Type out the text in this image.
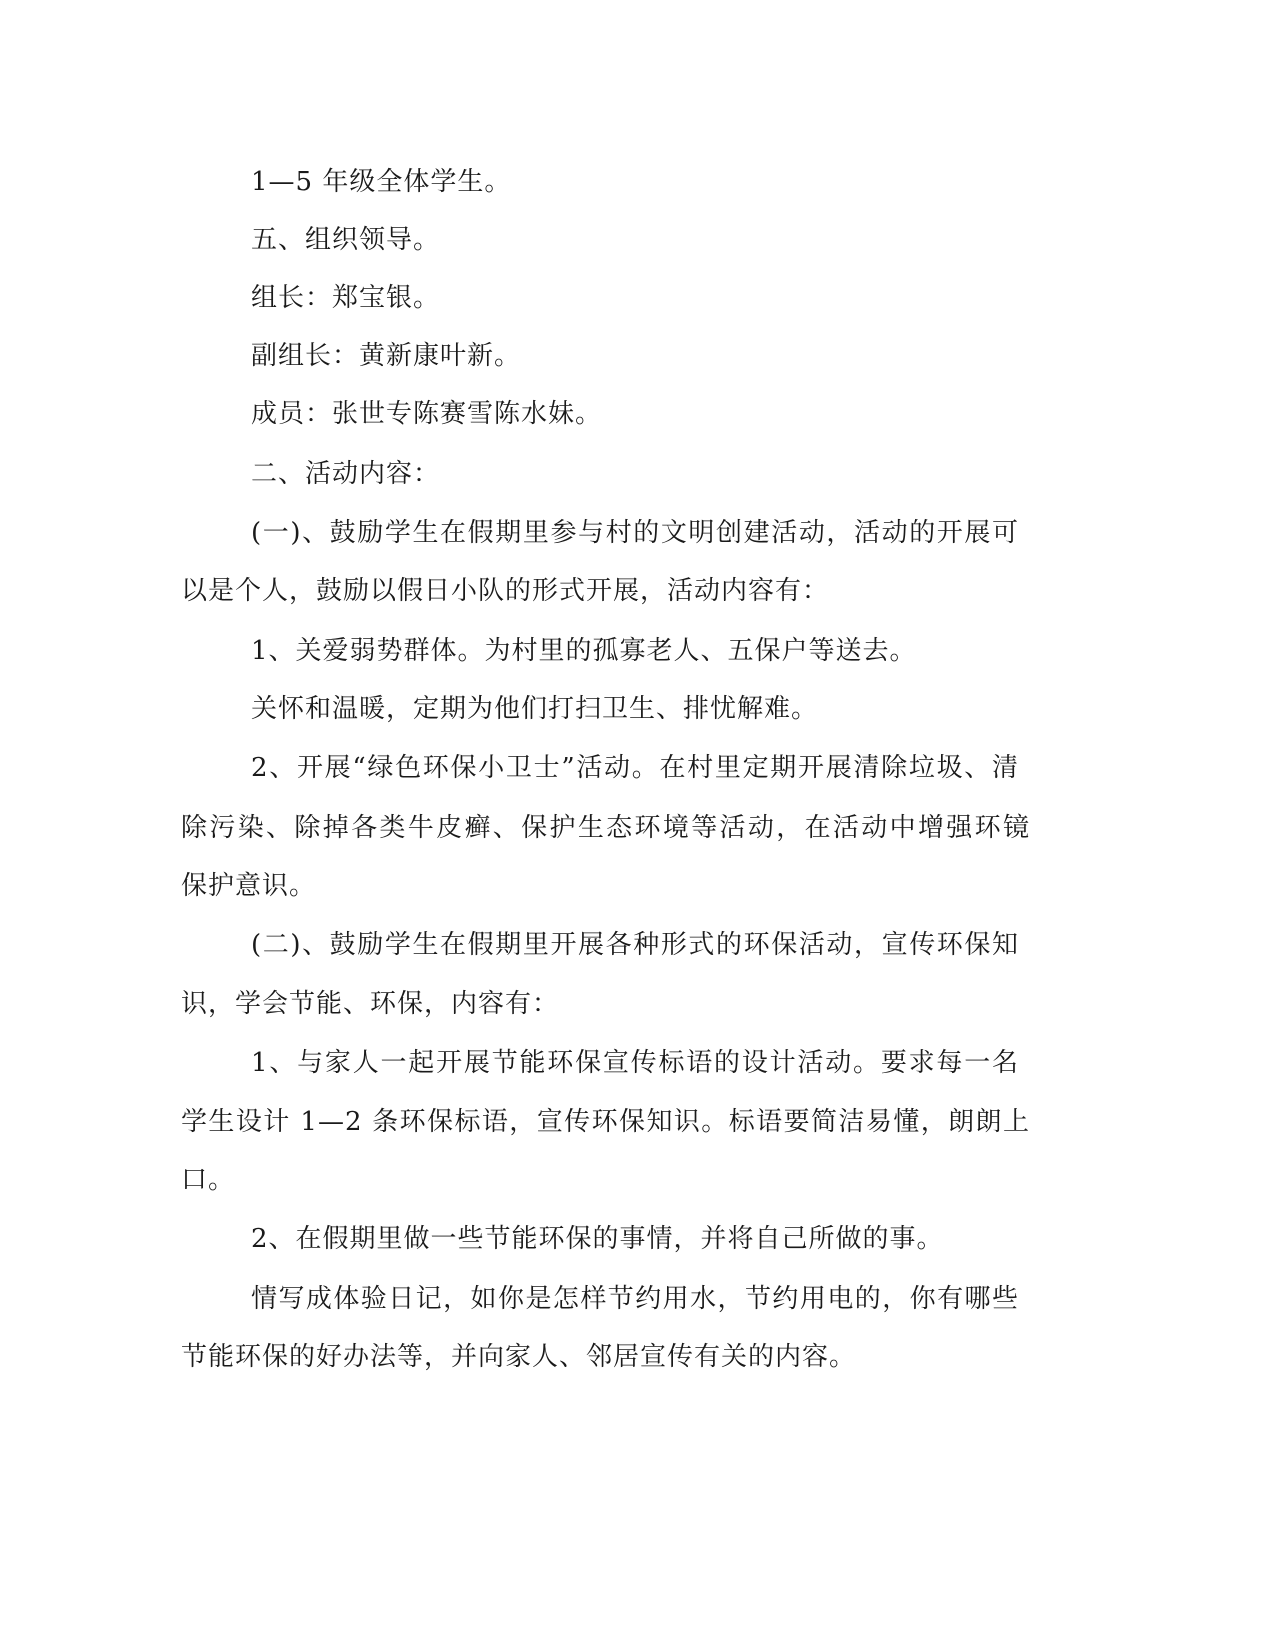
1—5 年级全体学生。
五、组织领导。
组长：郑宝银。
副组长：黄新康叶新。
成员：张世专陈赛雪陈水妹。
二、活动内容：
(一)、鼓励学生在假期里参与村的文明创建活动，活动的开展可
以是个人，鼓励以假日小队的形式开展，活动内容有：
1、关爱弱势群体。为村里的孤寡老人、五保户等送去。
关怀和温暖，定期为他们打扫卫生、排忧解难。
2、开展“绿色环保小卫士”活动。在村里定期开展清除垃圾、清
除污染、除掉各类牛皮癣、保护生态环境等活动，在活动中增强环镜
保护意识。
(二)、鼓励学生在假期里开展各种形式的环保活动，宣传环保知
识，学会节能、环保，内容有：
1、与家人一起开展节能环保宣传标语的设计活动。要求每一名
学生设计 1—2 条环保标语，宣传环保知识。标语要简洁易懂，朗朗上
口。
2、在假期里做一些节能环保的事情，并将自己所做的事。
情写成体验日记，如你是怎样节约用水，节约用电的，你有哪些
节能环保的好办法等，并向家人、邻居宣传有关的内容。
